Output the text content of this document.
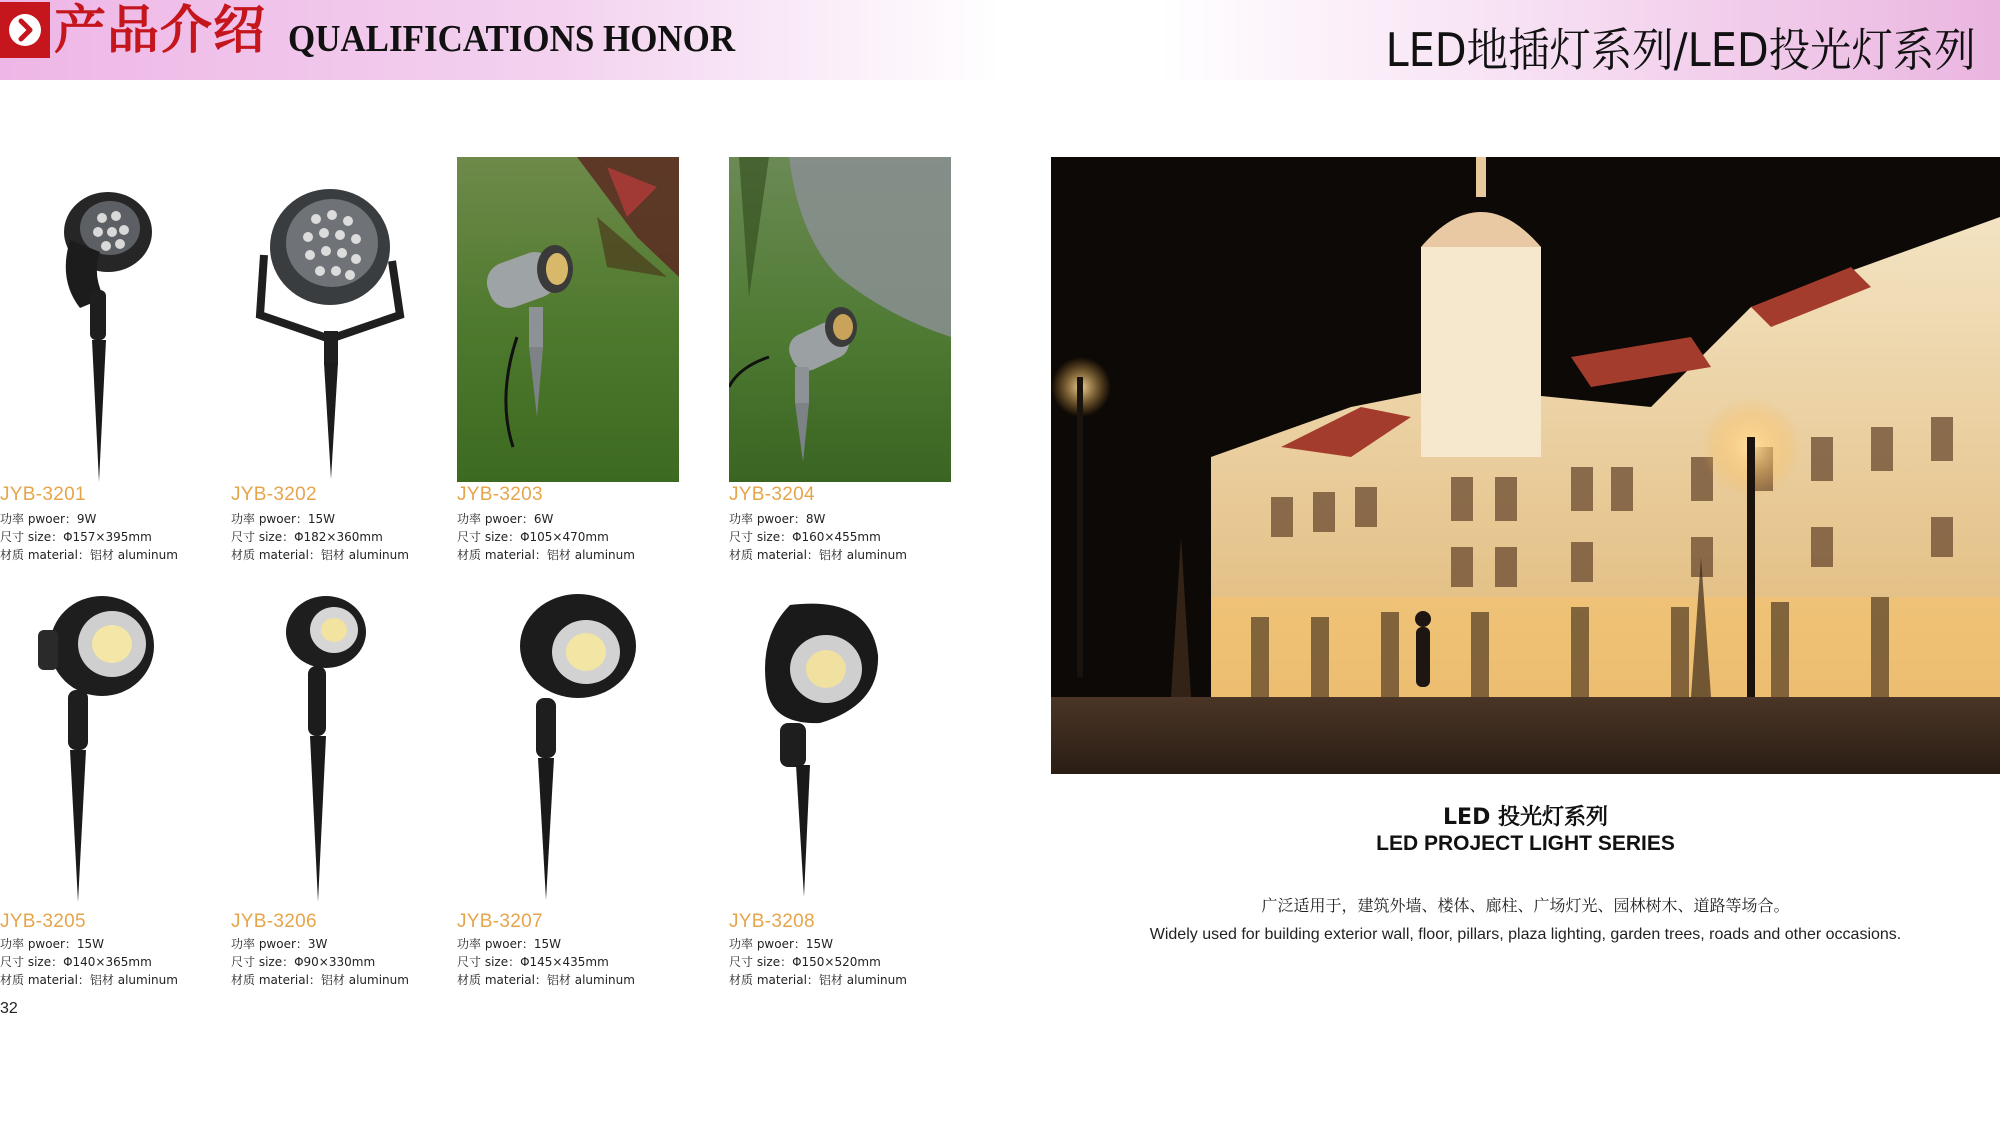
产品介绍 QUALIFICATIONS HONOR	LED地插灯系列/LED投光灯系列
JYB-3201
功率 pwoer：9W
尺寸 size：Φ157×395mm
材质 material：铝材 aluminum
JYB-3202
功率 pwoer：15W
尺寸 size：Φ182×360mm
材质 material：铝材 aluminum
JYB-3203
功率 pwoer：6W
尺寸 size：Φ105×470mm
材质 material：铝材 aluminum
JYB-3204
功率 pwoer：8W
尺寸 size：Φ160×455mm
材质 material：铝材 aluminum
JYB-3205
功率 pwoer：15W
尺寸 size：Φ140×365mm
材质 material：铝材 aluminum
JYB-3206
功率 pwoer：3W
尺寸 size：Φ90×330mm
材质 material：铝材 aluminum
JYB-3207
功率 pwoer：15W
尺寸 size：Φ145×435mm
材质 material：铝材 aluminum
JYB-3208
功率 pwoer：15W
尺寸 size：Φ150×520mm
材质 material：铝材 aluminum
32
LED 投光灯系列
LED PROJECT LIGHT SERIES
广泛适用于，建筑外墙、楼体、廊柱、广场灯光、园林树木、道路等场合。
Widely used for building exterior wall, floor, pillars, plaza lighting, garden trees, roads and other occasions.
